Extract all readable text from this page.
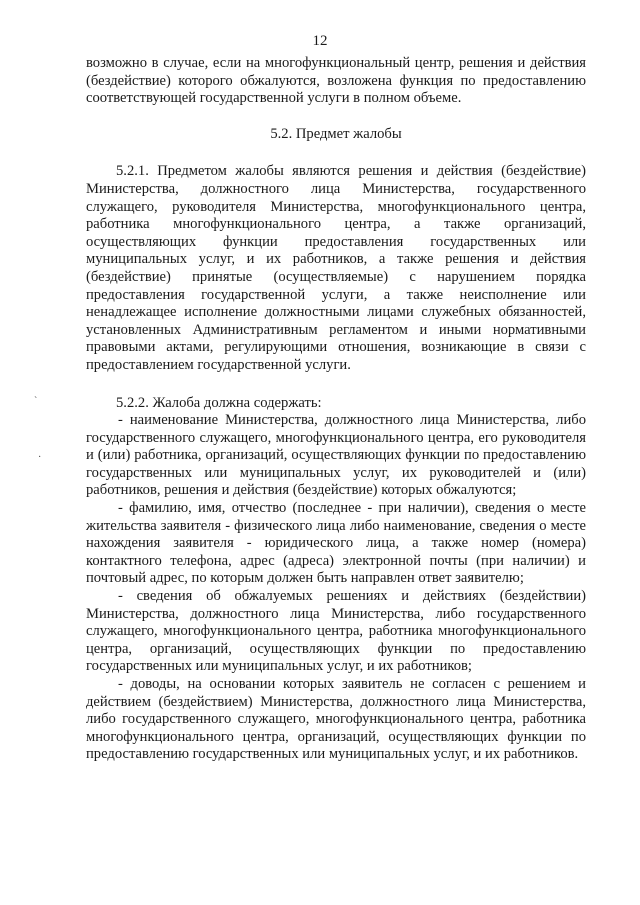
12

возможно в случае, если на многофункциональный центр, решения и действия (бездействие) которого обжалуются, возложена функция по предоставлению соответствующей государственной услуги в полном объеме.

5.2. Предмет жалобы

5.2.1. Предметом жалобы являются решения и действия (бездействие) Министерства, должностного лица Министерства, государственного служащего, руководителя Министерства, многофункционального центра, работника многофункционального центра, а также организаций, осуществляющих функции предоставления государственных или муниципальных услуг, и их работников, а также решения и действия (бездействие) принятые (осуществляемые) с нарушением порядка предоставления государственной услуги, а также неисполнение или ненадлежащее исполнение должностными лицами служебных обязанностей, установленных Административным регламентом и иными нормативными правовыми актами, регулирующими отношения, возникающие в связи с предоставлением государственной услуги.

5.2.2. Жалоба должна содержать:

- наименование Министерства, должностного лица Министерства, либо государственного служащего, многофункционального центра, его руководителя и (или) работника, организаций, осуществляющих функции по предоставлению государственных или муниципальных услуг, их руководителей и (или) работников, решения и действия (бездействие) которых обжалуются;

- фамилию, имя, отчество (последнее - при наличии), сведения о месте жительства заявителя - физического лица либо наименование, сведения о месте нахождения заявителя - юридического лица, а также номер (номера) контактного телефона, адрес (адреса) электронной почты (при наличии) и почтовый адрес, по которым должен быть направлен ответ заявителю;

- сведения об обжалуемых решениях и действиях (бездействии) Министерства, должностного лица Министерства, либо государственного служащего, многофункционального центра, работника многофункционального центра, организаций, осуществляющих функции по предоставлению государственных или муниципальных услуг, и их работников;

- доводы, на основании которых заявитель не согласен с решением и действием (бездействием) Министерства, должностного лица Министерства, либо государственного служащего, многофункционального центра, работника многофункционального центра, организаций, осуществляющих функции по предоставлению государственных или муниципальных услуг, и их работников.

`
·
